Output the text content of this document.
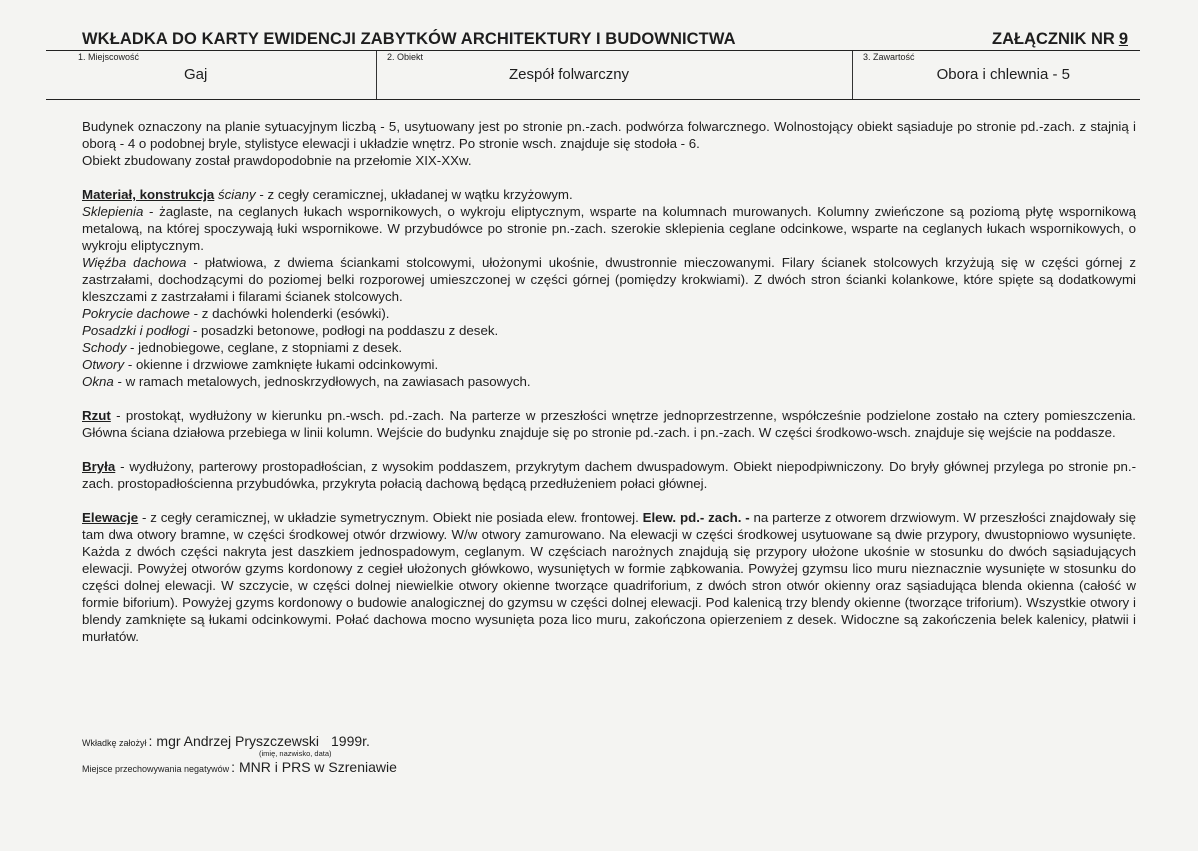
WKŁADKA DO KARTY EWIDENCJI ZABYTKÓW ARCHITEKTURY I BUDOWNICTWA	ZAŁĄCZNIK NR 9
1. Miejscowość
Gaj
2. Obiekt
Zespół folwarczny
3. Zawartość
Obora i chlewnia - 5

Budynek oznaczony na planie sytuacyjnym liczbą - 5, usytuowany jest po stronie pn.-zach. podwórza folwarcznego. Wolnostojący obiekt sąsiaduje po stronie pd.-zach. z stajnią i oborą - 4 o podobnej bryle, stylistyce elewacji i układzie wnętrz. Po stronie wsch. znajduje się stodoła - 6.

Obiekt zbudowany został prawdopodobnie na przełomie XIX-XXw.

Materiał, konstrukcja ściany - z cegły ceramicznej, układanej w wątku krzyżowym.

Sklepienia - żaglaste, na ceglanych łukach wspornikowych, o wykroju eliptycznym, wsparte na kolumnach murowanych. Kolumny zwieńczone są poziomą płytę wspornikową metalową, na której spoczywają łuki wspornikowe. W przybudówce po stronie pn.-zach. szerokie sklepienia ceglane odcinkowe, wsparte na ceglanych łukach wspornikowych, o wykroju eliptycznym.

Więźba dachowa - płatwiowa, z dwiema ściankami stolcowymi, ułożonymi ukośnie, dwustronnie mieczowanymi. Filary ścianek stolcowych krzyżują się w części górnej z zastrzałami, dochodzącymi do poziomej belki rozporowej umieszczonej w części górnej (pomiędzy krokwiami). Z dwóch stron ścianki kolankowe, które spięte są dodatkowymi kleszczami z zastrzałami i filarami ścianek stolcowych.

Pokrycie dachowe - z dachówki holenderki (esówki).

Posadzki i podłogi - posadzki betonowe, podłogi na poddaszu z desek.

Schody - jednobiegowe, ceglane, z stopniami z desek.

Otwory - okienne i drzwiowe zamknięte łukami odcinkowymi.

Okna - w ramach metalowych, jednoskrzydłowych, na zawiasach pasowych.

Rzut - prostokąt, wydłużony w kierunku pn.-wsch. pd.-zach. Na parterze w przeszłości wnętrze jednoprzestrzenne, współcześnie podzielone zostało na cztery pomieszczenia. Główna ściana działowa przebiega w linii kolumn. Wejście do budynku znajduje się po stronie pd.-zach. i pn.-zach. W części środkowo-wsch. znajduje się wejście na poddasze.

Bryła - wydłużony, parterowy prostopadłościan, z wysokim poddaszem, przykrytym dachem dwuspadowym. Obiekt niepodpiwniczony. Do bryły głównej przylega po stronie pn.-zach. prostopadłościenna przybudówka, przykryta połacią dachową będącą przedłużeniem połaci głównej.

Elewacje - z cegły ceramicznej, w układzie symetrycznym. Obiekt nie posiada elew. frontowej. Elew. pd.- zach. - na parterze z otworem drzwiowym. W przeszłości znajdowały się tam dwa otwory bramne, w części środkowej otwór drzwiowy. W/w otwory zamurowano. Na elewacji w części środkowej usytuowane są dwie przypory, dwustopniowo wysunięte. Każda z dwóch części nakryta jest daszkiem jednospadowym, ceglanym. W częściach narożnych znajdują się przypory ułożone ukośnie w stosunku do dwóch sąsiadujących elewacji. Powyżej otworów gzyms kordonowy z cegieł ułożonych główkowo, wysuniętych w formie ząbkowania. Powyżej gzymsu lico muru nieznacznie wysunięte w stosunku do części dolnej elewacji. W szczycie, w części dolnej niewielkie otwory okienne tworzące quadriforium, z dwóch stron otwór okienny oraz sąsiadująca blenda okienna (całość w formie biforium). Powyżej gzyms kordonowy o budowie analogicznej do gzymsu w części dolnej elewacji. Pod kalenicą trzy blendy okienne (tworzące triforium). Wszystkie otwory i blendy zamknięte są łukami odcinkowymi. Połać dachowa mocno wysunięta poza lico muru, zakończona opierzeniem z desek. Widoczne są zakończenia belek kalenicy, płatwii i murłatów.

Wkładkę założył : mgr Andrzej Pryszczewski 1999r.
(imię, nazwisko, data)
Miejsce przechowywania negatywów : MNR i PRS w Szreniawie
